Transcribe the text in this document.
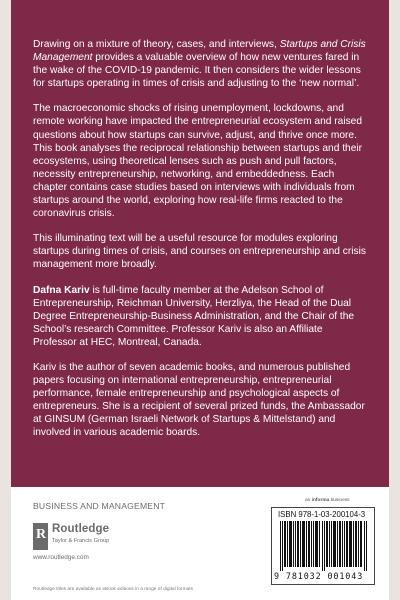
Drawing on a mixture of theory, cases, and interviews, Startups and Crisis Management provides a valuable overview of how new ventures fared in the wake of the COVID-19 pandemic. It then considers the wider lessons for startups operating in times of crisis and adjusting to the ‘new normal’.

The macroeconomic shocks of rising unemployment, lockdowns, and remote working have impacted the entrepreneurial ecosystem and raised questions about how startups can survive, adjust, and thrive once more. This book analyses the reciprocal relationship between startups and their ecosystems, using theoretical lenses such as push and pull factors, necessity entrepreneurship, networking, and embeddedness. Each chapter contains case studies based on interviews with individuals from startups around the world, exploring how real-life firms reacted to the coronavirus crisis.

This illuminating text will be a useful resource for modules exploring startups during times of crisis, and courses on entrepreneurship and crisis management more broadly.

Dafna Kariv is full-time faculty member at the Adelson School of Entrepreneurship, Reichman University, Herzliya, the Head of the Dual Degree Entrepreneurship-Business Administration, and the Chair of the School’s research Committee. Professor Kariv is also an Affiliate Professor at HEC, Montreal, Canada.

Kariv is the author of seven academic books, and numerous published papers focusing on international entrepreneurship, entrepreneurial performance, female entrepreneurship and psychological aspects of entrepreneurs. She is a recipient of several prized funds, the Ambassador at GINSUM (German Israeli Network of Startups & Mittelstand) and involved in various academic boards.

BUSINESS AND MANAGEMENT
R Routledge
Taylor & Francis Group
www.routledge.com
Routledge titles are available as eBook editions in a range of digital formats
an informa business
ISBN 978-1-03-200104-3
9 781032 001043
